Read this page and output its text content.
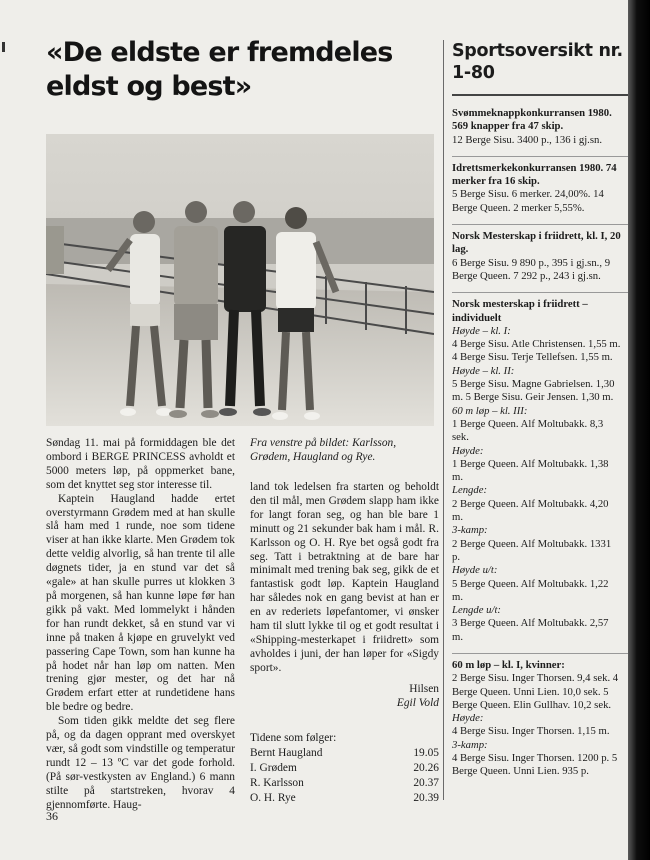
«De eldste er fremdeles eldst og best»

Søndag 11. mai på formiddagen ble det ombord i BERGE PRINCESS avholdt et 5000 meters løp, på oppmerket bane, som det knyttet seg stor interesse til.

Kaptein Haugland hadde ertet overstyrmann Grødem med at han skulle slå ham med 1 runde, noe som tidene viser at han ikke klarte. Men Grødem tok dette veldig alvorlig, så han trente til alle døgnets tider, ja en stund var det så «gale» at han skulle purres ut klokken 3 på morgenen, så han kunne løpe før han gikk på vakt. Med lommelykt i hånden for han rundt dekket, så en stund var vi inne på tnaken å kjøpe en gruvelykt ved passering Cape Town, som han kunne ha på hodet når han løp om natten. Men trening gjør mester, og det har nå Grødem erfart etter at rundetidene hans ble bedre og bedre.

Som tiden gikk meldte det seg flere på, og da dagen opprant med overskyet vær, så godt som vindstille og temperatur rundt 12 – 13 ºC var det gode forhold. (På sør-vestkysten av England.) 6 mann stilte på startstreken, hvorav 4 gjennomførte. Haug-

Fra venstre på bildet: Karlsson, Grødem, Haugland og Rye.

land tok ledelsen fra starten og beholdt den til mål, men Grødem slapp ham ikke for langt foran seg, og han ble bare 1 minutt og 21 sekunder bak ham i mål. R. Karlsson og O. H. Rye bet også godt fra seg. Tatt i betraktning at de bare har minimalt med trening bak seg, gikk de et fantastisk godt løp. Kaptein Haugland har således nok en gang bevist at han er en av rederiets løpefantomer, vi ønsker ham til slutt lykke til og et godt resultat i «Shipping-mesterkapet i friidrett» som avholdes i juni, der han løper for «Sigdy sport».

Hilsen
Egil Vold
Tidene som følger:
Bernt Haugland	19.05
I. Grødem	20.26
R. Karlsson	20.37
O. H. Rye	20.39
36
Sportsoversikt nr. 1-80
Svømmeknappkonkurransen 1980. 569 knapper fra 47 skip.
12 Berge Sisu. 3400 p., 136 i gj.sn.
Idrettsmerkekonkurransen 1980. 74 merker fra 16 skip.
5 Berge Sisu. 6 merker. 24,00%. 14
Berge Queen. 2 merker 5,55%.
Norsk Mesterskap i friidrett, kl. I, 20 lag.
6 Berge Sisu. 9 890 p., 395 i gj.sn., 9
Berge Queen. 7 292 p., 243 i gj.sn.
Norsk mesterskap i friidrett – individuelt
Høyde – kl. I:
4 Berge Sisu. Atle Christensen. 1,55 m.
4 Berge Sisu. Terje Tellefsen. 1,55 m.
Høyde – kl. II:
5 Berge Sisu. Magne Gabrielsen. 1,30
m. 5 Berge Sisu. Geir Jensen. 1,30 m.
60 m løp – kl. III:
1 Berge Queen. Alf Moltubakk. 8,3
sek.
Høyde:
1 Berge Queen. Alf Moltubakk. 1,38
m.
Lengde:
2 Berge Queen. Alf Moltubakk. 4,20
m.
3-kamp:
2 Berge Queen. Alf Moltubakk. 1331
p.
Høyde u/t:
5 Berge Queen. Alf Moltubakk. 1,22
m.
Lengde u/t:
3 Berge Queen. Alf Moltubakk. 2,57
m.
60 m løp – kl. I, kvinner:
2 Berge Sisu. Inger Thorsen. 9,4 sek. 4
Berge Queen. Unni Lien. 10,0 sek. 5
Berge Queen. Elin Gullhav. 10,2 sek.
Høyde:
4 Berge Sisu. Inger Thorsen. 1,15 m.
3-kamp:
4 Berge Sisu. Inger Thorsen. 1200 p. 5
Berge Queen. Unni Lien. 935 p.
